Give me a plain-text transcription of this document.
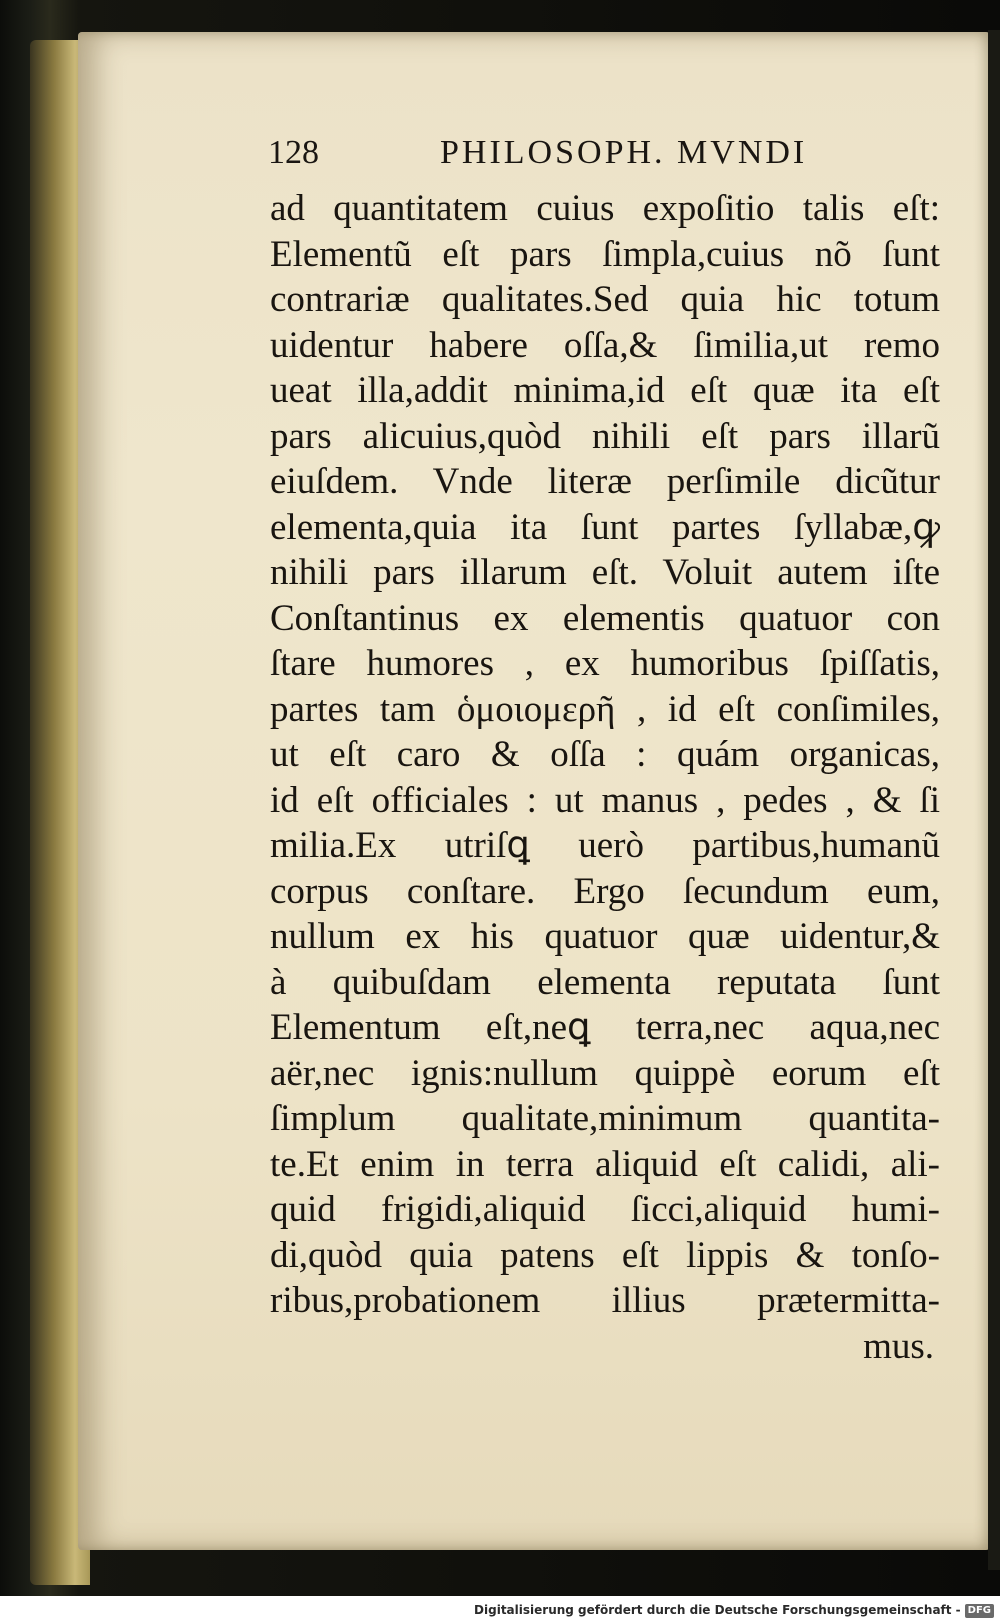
128	PHILOSOPH. MVNDI
ad quantitatem cuius expoſitio talis eſt:
Elementũ eſt pars ſimpla,cuius nõ ſunt
contrariæ qualitates.Sed quia hic totum
uidentur habere oſſa,& ſimilia,ut remo
ueat illa,addit minima,id eſt quæ ita eſt
pars alicuius,quòd nihili eſt pars illarũ
eiuſdem. Vnde literæ perſimile dicũtur
elementa,quia ita ſunt partes ſyllabæ,ꝙ
nihili pars illarum eſt. Voluit autem iſte
Conſtantinus ex elementis quatuor con
ſtare humores , ex humoribus ſpiſſatis,
partes tam ὁμοιομερῆ , id eſt conſimiles,
ut eſt caro & oſſa : quám organicas,
id eſt officiales : ut manus , pedes , & ſi
milia.Ex utriſꝗ uerò partibus,humanũ
corpus conſtare. Ergo ſecundum eum,
nullum ex his quatuor quæ uidentur,&
à quibuſdam elementa reputata ſunt
Elementum eſt,neꝗ terra,nec aqua,nec
aër,nec ignis:nullum quippè eorum eſt
ſimplum qualitate,minimum quantita-
te.Et enim in terra aliquid eſt calidi, ali-
quid frigidi,aliquid ſicci,aliquid humi-
di,quòd quia patens eſt lippis & tonſo-
ribus,probationem illius prætermitta-
mus.
Digitalisierung gefördert durch die Deutsche Forschungsgemeinschaft - DFG
